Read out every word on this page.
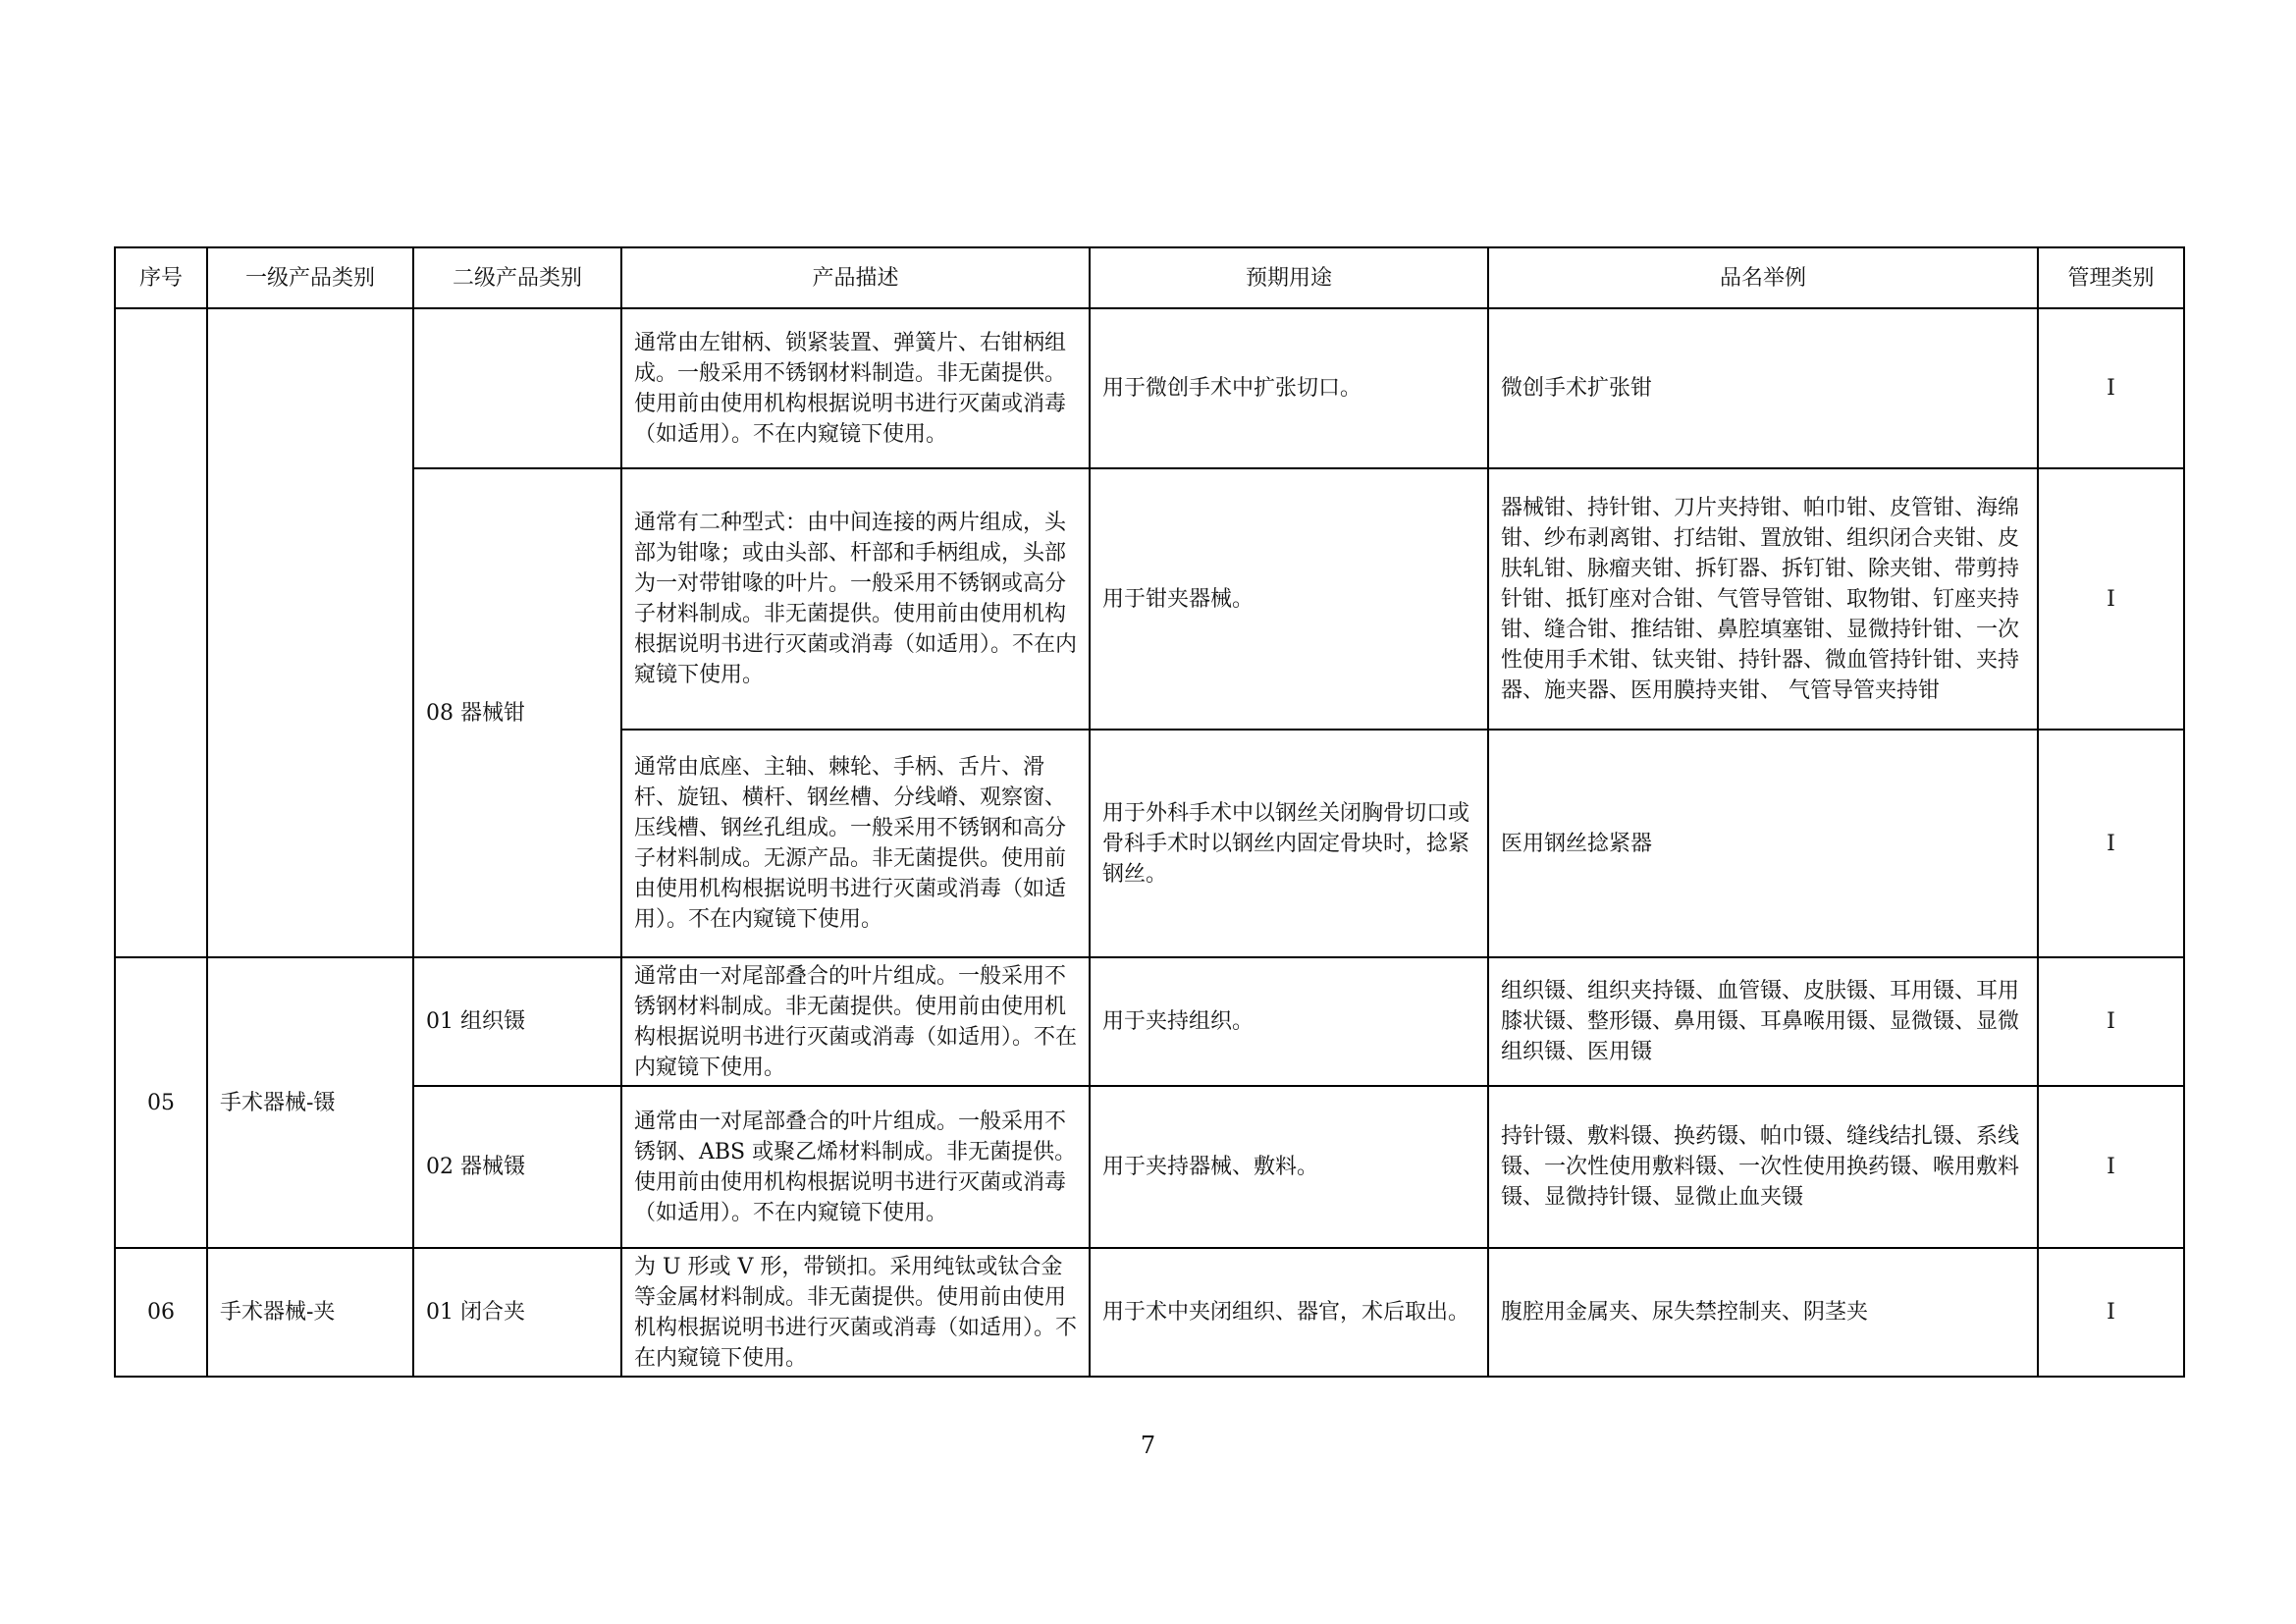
序号	一级产品类别	二级产品类别	产品描述	预期用途	品名举例	管理类别
			通常由左钳柄、锁紧装置、弹簧片、右钳柄组成。一般采用不锈钢材料制造。非无菌提供。使用前由使用机构根据说明书进行灭菌或消毒（如适用）。不在内窥镜下使用。	用于微创手术中扩张切口。	微创手术扩张钳	I
		08 器械钳	通常有二种型式：由中间连接的两片组成，头部为钳喙；或由头部、杆部和手柄组成，头部为一对带钳喙的叶片。一般采用不锈钢或高分子材料制成。非无菌提供。使用前由使用机构根据说明书进行灭菌或消毒（如适用）。不在内窥镜下使用。	用于钳夹器械。	器械钳、持针钳、刀片夹持钳、帕巾钳、皮管钳、海绵钳、纱布剥离钳、打结钳、置放钳、组织闭合夹钳、皮肤轧钳、脉瘤夹钳、拆钉器、拆钉钳、除夹钳、带剪持针钳、抵钉座对合钳、气管导管钳、取物钳、钉座夹持钳、缝合钳、推结钳、鼻腔填塞钳、显微持针钳、一次性使用手术钳、钛夹钳、持针器、微血管持针钳、夹持器、施夹器、医用膜持夹钳、 气管导管夹持钳	I
			通常由底座、主轴、棘轮、手柄、舌片、滑杆、旋钮、横杆、钢丝槽、分线嵴、观察窗、压线槽、钢丝孔组成。一般采用不锈钢和高分子材料制成。无源产品。非无菌提供。使用前由使用机构根据说明书进行灭菌或消毒（如适用）。不在内窥镜下使用。	用于外科手术中以钢丝关闭胸骨切口或骨科手术时以钢丝内固定骨块时，捻紧钢丝。	医用钢丝捻紧器	I
05	手术器械-镊	01 组织镊	通常由一对尾部叠合的叶片组成。一般采用不锈钢材料制成。非无菌提供。使用前由使用机构根据说明书进行灭菌或消毒（如适用）。不在内窥镜下使用。	用于夹持组织。	组织镊、组织夹持镊、血管镊、皮肤镊、耳用镊、耳用膝状镊、整形镊、鼻用镊、耳鼻喉用镊、显微镊、显微组织镊、医用镊	I
		02 器械镊	通常由一对尾部叠合的叶片组成。一般采用不锈钢、ABS 或聚乙烯材料制成。非无菌提供。使用前由使用机构根据说明书进行灭菌或消毒（如适用）。不在内窥镜下使用。	用于夹持器械、敷料。	持针镊、敷料镊、换药镊、帕巾镊、缝线结扎镊、系线镊、一次性使用敷料镊、一次性使用换药镊、喉用敷料镊、显微持针镊、显微止血夹镊	I
06	手术器械-夹	01 闭合夹	为 U 形或 V 形，带锁扣。采用纯钛或钛合金等金属材料制成。非无菌提供。使用前由使用机构根据说明书进行灭菌或消毒（如适用）。不在内窥镜下使用。	用于术中夹闭组织、器官，术后取出。	腹腔用金属夹、尿失禁控制夹、阴茎夹	I
7
